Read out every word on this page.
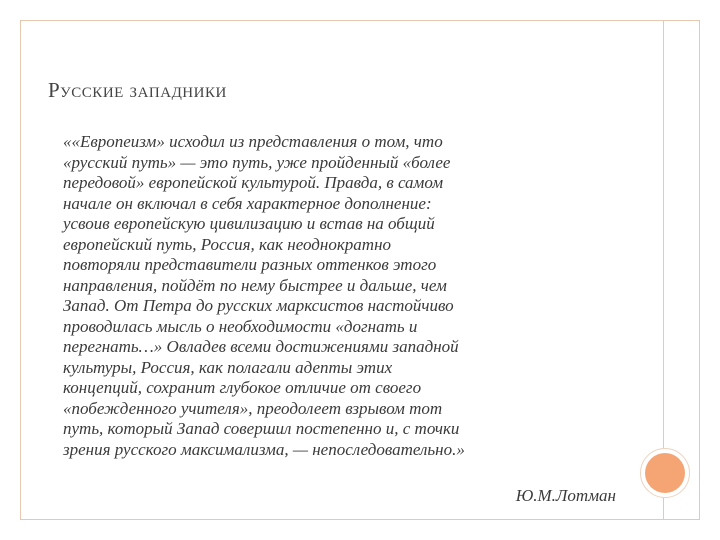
Русские западники
««Европеизм» исходил из представления о том, что
«русский путь» — это путь, уже пройденный «более
передовой» европейской культурой. Правда, в самом
начале он включал в себя характерное дополнение:
усвоив европейскую цивилизацию и встав на общий
европейский путь, Россия, как неоднократно
повторяли представители разных оттенков этого
направления, пойдёт по нему быстрее и дальше, чем
Запад. От Петра до русских марксистов настойчиво
проводилась мысль о необходимости «догнать и
перегнать…» Овладев всеми достижениями западной
культуры, Россия, как полагали адепты этих
концепций, сохранит глубокое отличие от своего
«побежденного учителя», преодолеет взрывом тот
путь, который Запад совершил постепенно и, с точки
зрения русского максимализма, — непоследовательно.»
Ю.М.Лотман
